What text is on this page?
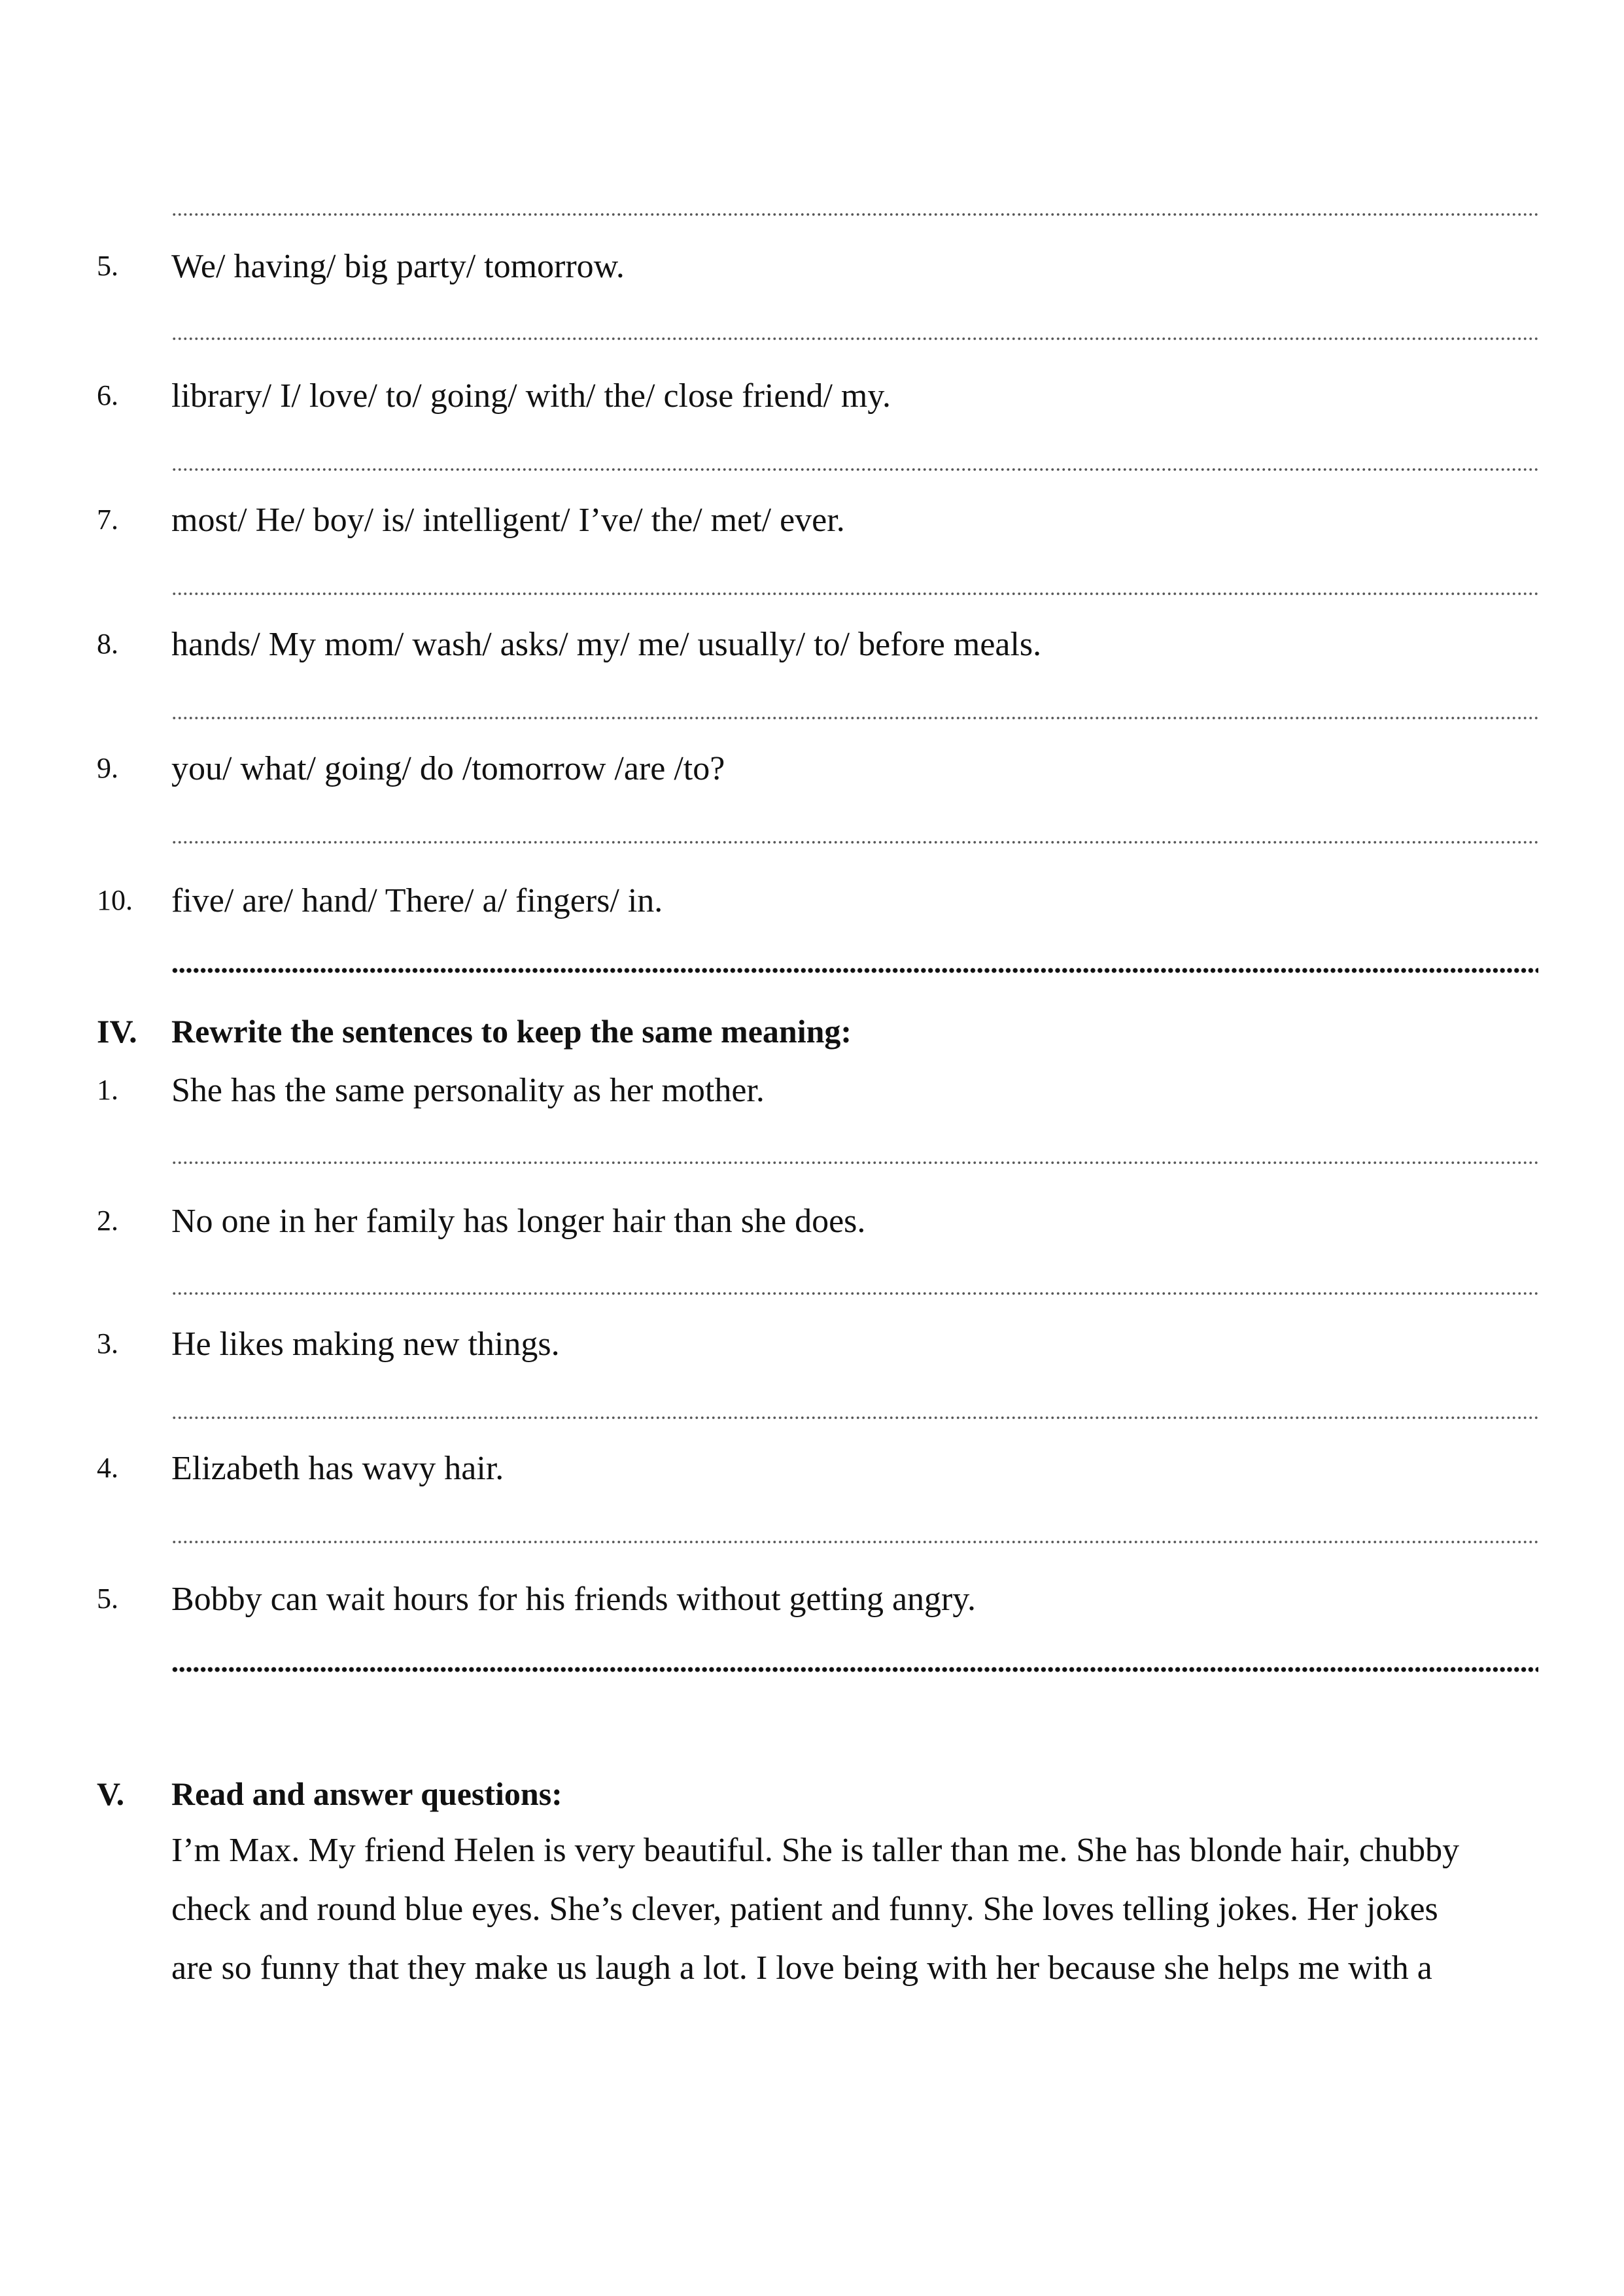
5. We/ having/ big party/ tomorrow.
6. library/ I/ love/ to/ going/ with/ the/ close friend/ my.
7. most/ He/ boy/ is/ intelligent/ I’ve/ the/ met/ ever.
8. hands/ My mom/ wash/ asks/ my/ me/ usually/ to/ before meals.
9. you/ what/ going/ do /tomorrow /are /to?
10. five/ are/ hand/ There/ a/ fingers/ in.
IV. Rewrite the sentences to keep the same meaning:
1. She has the same personality as her mother.
2. No one in her family has longer hair than she does.
3. He likes making new things.
4. Elizabeth has wavy hair.
5. Bobby can wait hours for his friends without getting angry.
V. Read and answer questions:
I’m Max. My friend Helen is very beautiful. She is taller than me. She has blonde hair, chubby
check and round blue eyes. She’s clever, patient and funny. She loves telling jokes. Her jokes
are so funny that they make us laugh a lot. I love being with her because she helps me with a
